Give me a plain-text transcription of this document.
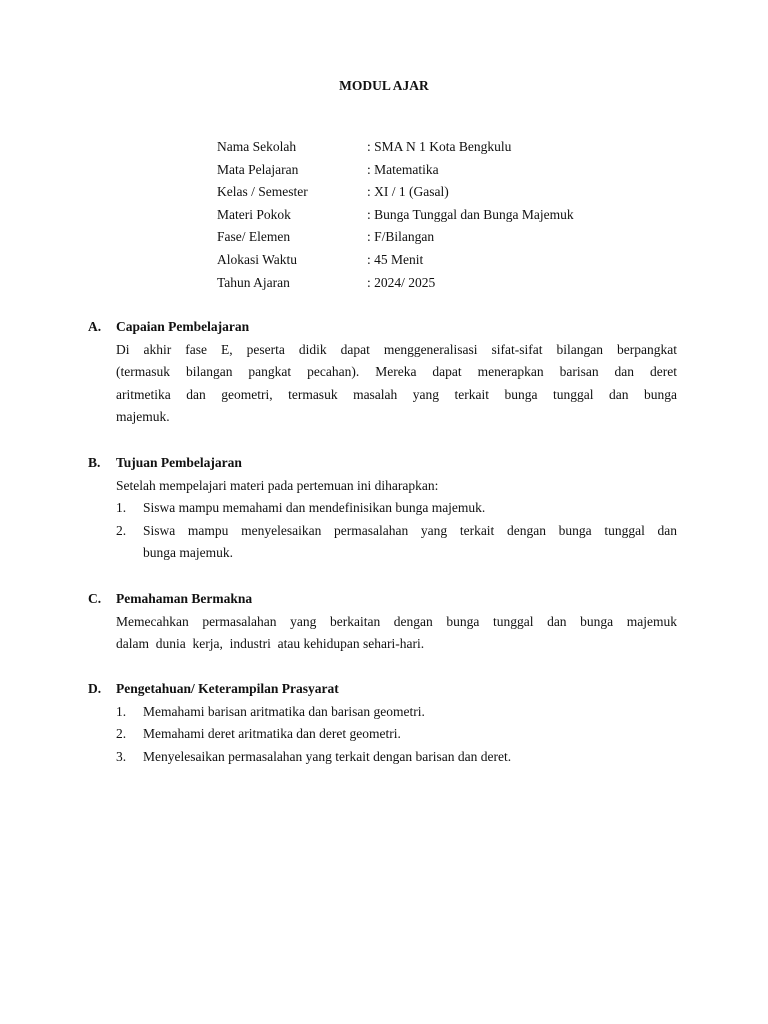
MODUL AJAR
Nama Sekolah	: SMA N 1 Kota Bengkulu
Mata Pelajaran	: Matematika
Kelas / Semester	: XI / 1 (Gasal)
Materi Pokok	: Bunga Tunggal dan Bunga Majemuk
Fase/ Elemen	: F/Bilangan
Alokasi Waktu	: 45 Menit
Tahun Ajaran	: 2024/ 2025
A. Capaian Pembelajaran
Di akhir fase E, peserta didik dapat menggeneralisasi sifat-sifat bilangan berpangkat
(termasuk bilangan pangkat pecahan). Mereka dapat menerapkan barisan dan deret
aritmetika dan geometri, termasuk masalah yang terkait bunga tunggal dan bunga
majemuk.
B. Tujuan Pembelajaran
Setelah mempelajari materi pada pertemuan ini diharapkan:
1.	Siswa mampu memahami dan mendefinisikan bunga majemuk.
2.	Siswa mampu menyelesaikan permasalahan yang terkait dengan bunga tunggal dan
bunga majemuk.
C. Pemahaman Bermakna
Memecahkan permasalahan yang berkaitan dengan bunga tunggal dan bunga majemuk
dalam  dunia  kerja,  industri  atau kehidupan sehari-hari.
D. Pengetahuan/ Keterampilan Prasyarat
1.	Memahami barisan aritmatika dan barisan geometri.
2.	Memahami deret aritmatika dan deret geometri.
3.	Menyelesaikan permasalahan yang terkait dengan barisan dan deret.
